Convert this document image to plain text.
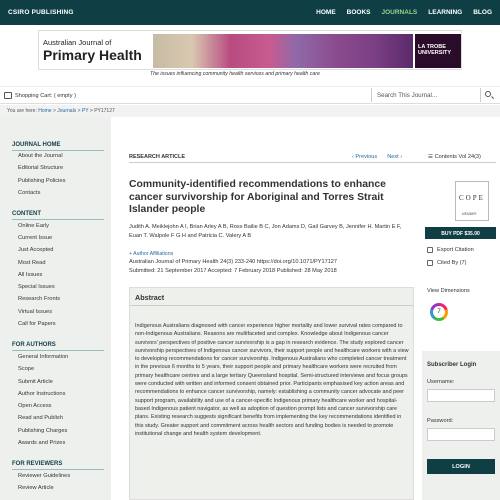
CSIRO PUBLISHING	HOME BOOKS JOURNALS LEARNING BLOG
Australian Journal of
Primary Health	LA TROBE UNIVERSITY
The issues influencing community health services and primary health care
Shopping Cart: ( empty )	Search This Journal...
You are here: Home > Journals > PY > PY17127
JOURNAL HOME
About the Journal
Editorial Structure
Publishing Policies
Contacts
CONTENT
Online Early
Current Issue
Just Accepted
Most Read
All Issues
Special Issues
Research Fronts
Virtual Issues
Call for Papers
FOR AUTHORS
General Information
Scope
Submit Article
Author Instructions
Open Access
Read and Publish
Publishing Charges
Awards and Prizes
FOR REVIEWERS
Reviewer Guidelines
Review Article
RESEARCH ARTICLE	‹ Previous Next ›	☰ Contents Vol 24(3)
Community-identified recommendations to enhance cancer survivorship for Aboriginal and Torres Strait Islander people
Judith A. Meiklejohn A I, Brian Arley A B, Ross Bailie B C, Jon Adams D, Gail Garvey B, Jennifer H. Martin E F, Euan T. Walpole F G H and Patricia C. Valery A B
+ Author Affiliations
Australian Journal of Primary Health 24(3) 233-240 https://doi.org/10.1071/PY17127
Submitted: 21 September 2017 Accepted: 7 February 2018 Published: 28 May 2018
Abstract
Indigenous Australians diagnosed with cancer experience higher mortality and lower survival rates compared to non-Indigenous Australians. Reasons are multifaceted and complex. Knowledge about Indigenous cancer survivors' perspectives of positive cancer survivorship is a gap in research evidence. The study explored cancer survivorship perspectives of Indigenous cancer survivors, their support people and healthcare workers with a view to developing recommendations for cancer survivorship. Indigenous Australians who completed cancer treatment in the previous 6 months to 5 years, their support people and primary healthcare workers were recruited from primary healthcare centres and a large tertiary Queensland hospital. Semi-structured interviews and focus groups were conducted with written and informed consent obtained prior. Participants emphasised key action areas and recommendations to enhance cancer survivorship, namely: establishing a community cancer advocate and peer support program, availability and use of a cancer-specific Indigenous primary healthcare worker and hospital-based Indigenous patient navigator, as well as adoption of question prompt lists and cancer survivorship care plans. Existing research suggests significant benefits from implementing the key recommendations identified in this study. Greater support and commitment across health sectors and funding bodies is needed to promote institutional change and health system development.
COPE
MEMBER
BUY PDF $35.00
Export Citation
Cited By (7)
View Dimensions
7
Subscriber Login
Username:
Password:
LOGIN
